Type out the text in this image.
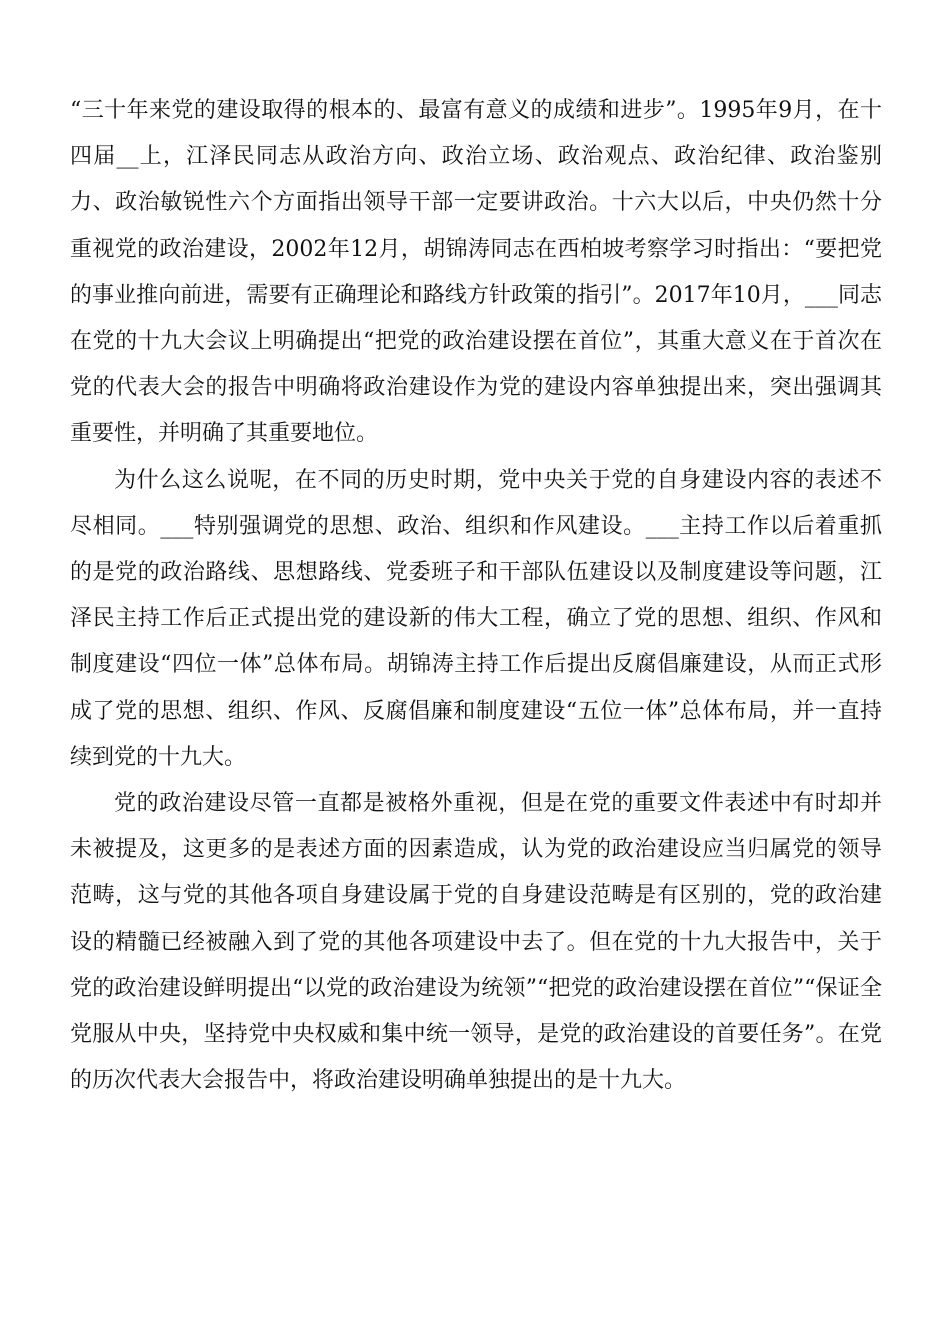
“三十年来党的建设取得的根本的、最富有意义的成绩和进步”。1995年9月，在十四届__上，江泽民同志从政治方向、政治立场、政治观点、政治纪律、政治鉴别力、政治敏锐性六个方面指出领导干部一定要讲政治。十六大以后，中央仍然十分重视党的政治建设，2002年12月，胡锦涛同志在西柏坡考察学习时指出：“要把党的事业推向前进，需要有正确理论和路线方针政策的指引”。2017年10月，___同志在党的十九大会议上明确提出“把党的政治建设摆在首位”，其重大意义在于首次在党的代表大会的报告中明确将政治建设作为党的建设内容单独提出来，突出强调其重要性，并明确了其重要地位。

为什么这么说呢，在不同的历史时期，党中央关于党的自身建设内容的表述不尽相同。___特别强调党的思想、政治、组织和作风建设。___主持工作以后着重抓的是党的政治路线、思想路线、党委班子和干部队伍建设以及制度建设等问题，江泽民主持工作后正式提出党的建设新的伟大工程，确立了党的思想、组织、作风和制度建设“四位一体”总体布局。胡锦涛主持工作后提出反腐倡廉建设，从而正式形成了党的思想、组织、作风、反腐倡廉和制度建设“五位一体”总体布局，并一直持续到党的十九大。

党的政治建设尽管一直都是被格外重视，但是在党的重要文件表述中有时却并未被提及，这更多的是表述方面的因素造成，认为党的政治建设应当归属党的领导范畴，这与党的其他各项自身建设属于党的自身建设范畴是有区别的，党的政治建设的精髓已经被融入到了党的其他各项建设中去了。但在党的十九大报告中，关于党的政治建设鲜明提出“以党的政治建设为统领”“把党的政治建设摆在首位”“保证全党服从中央，坚持党中央权威和集中统一领导，是党的政治建设的首要任务”。在党的历次代表大会报告中，将政治建设明确单独提出的是十九大。
